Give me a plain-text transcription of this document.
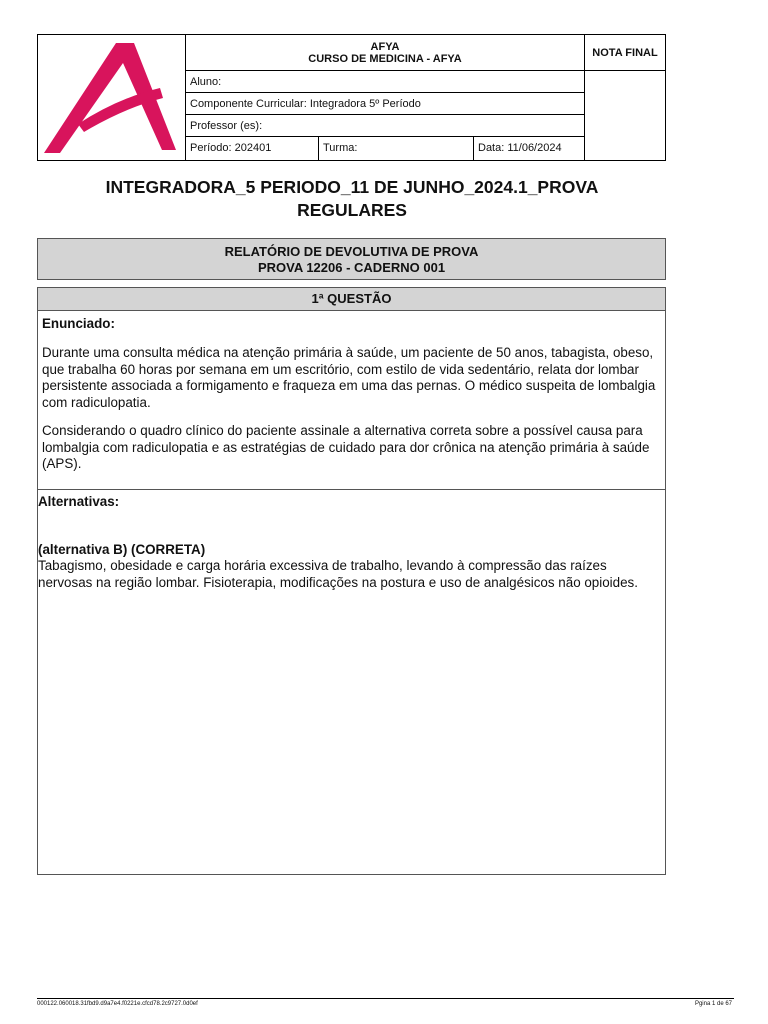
AFYA
CURSO DE MEDICINA - AFYA	NOTA FINAL
	Aluno:	
	Componente Curricular: Integradora 5º Período	
	Professor (es):	

	Período: 202401 Turma: Data: 11/06/2024	
INTEGRADORA_5 PERIODO_11 DE JUNHO_2024.1_PROVA REGULARES
RELATÓRIO DE DEVOLUTIVA DE PROVA
PROVA 12206 - CADERNO 001
1ª QUESTÃO
Enunciado:
Durante uma consulta médica na atenção primária à saúde, um paciente de 50 anos, tabagista, obeso, que trabalha 60 horas por semana em um escritório, com estilo de vida sedentário, relata dor lombar persistente associada a formigamento e fraqueza em uma das pernas. O médico suspeita de lombalgia com radiculopatia.
Considerando o quadro clínico do paciente assinale a alternativa correta sobre a possível causa para lombalgia com radiculopatia e as estratégias de cuidado para dor crônica na atenção primária à saúde (APS).
Alternativas:
(alternativa B) (CORRETA)
Tabagismo, obesidade e carga horária excessiva de trabalho, levando à compressão das raízes nervosas na região lombar. Fisioterapia, modificações na postura e uso de analgésicos não opioides.
000122.060018.31fbd9.d9a7e4.f0221e.cfcd78.2c9727.0d0ef	Pgina 1 de 67
